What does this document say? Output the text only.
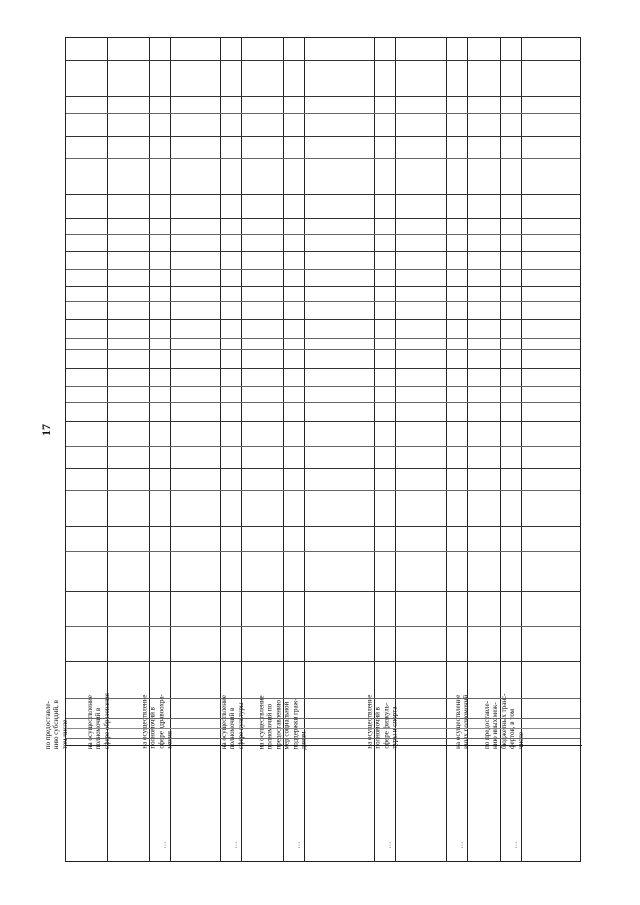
17
по предоставле-
нию субсидий, в
том числе
на осуществление
полномочий в
сфере образования
…
на осуществление
полномочий в
сфере здравоохра-
нения
…
на осуществление
полномочий в
сфере культуры
…
на осуществление
полномочий по
предоставлению
мер социальной
поддержки граж-
данам
…
на осуществление
полномочий в
сфере физкуль-
туры и спорта
…
на осуществление
иных полномочий
…
по предоставле-
нию иных меж-
бюджетных транс-
фертов, в том
числе
